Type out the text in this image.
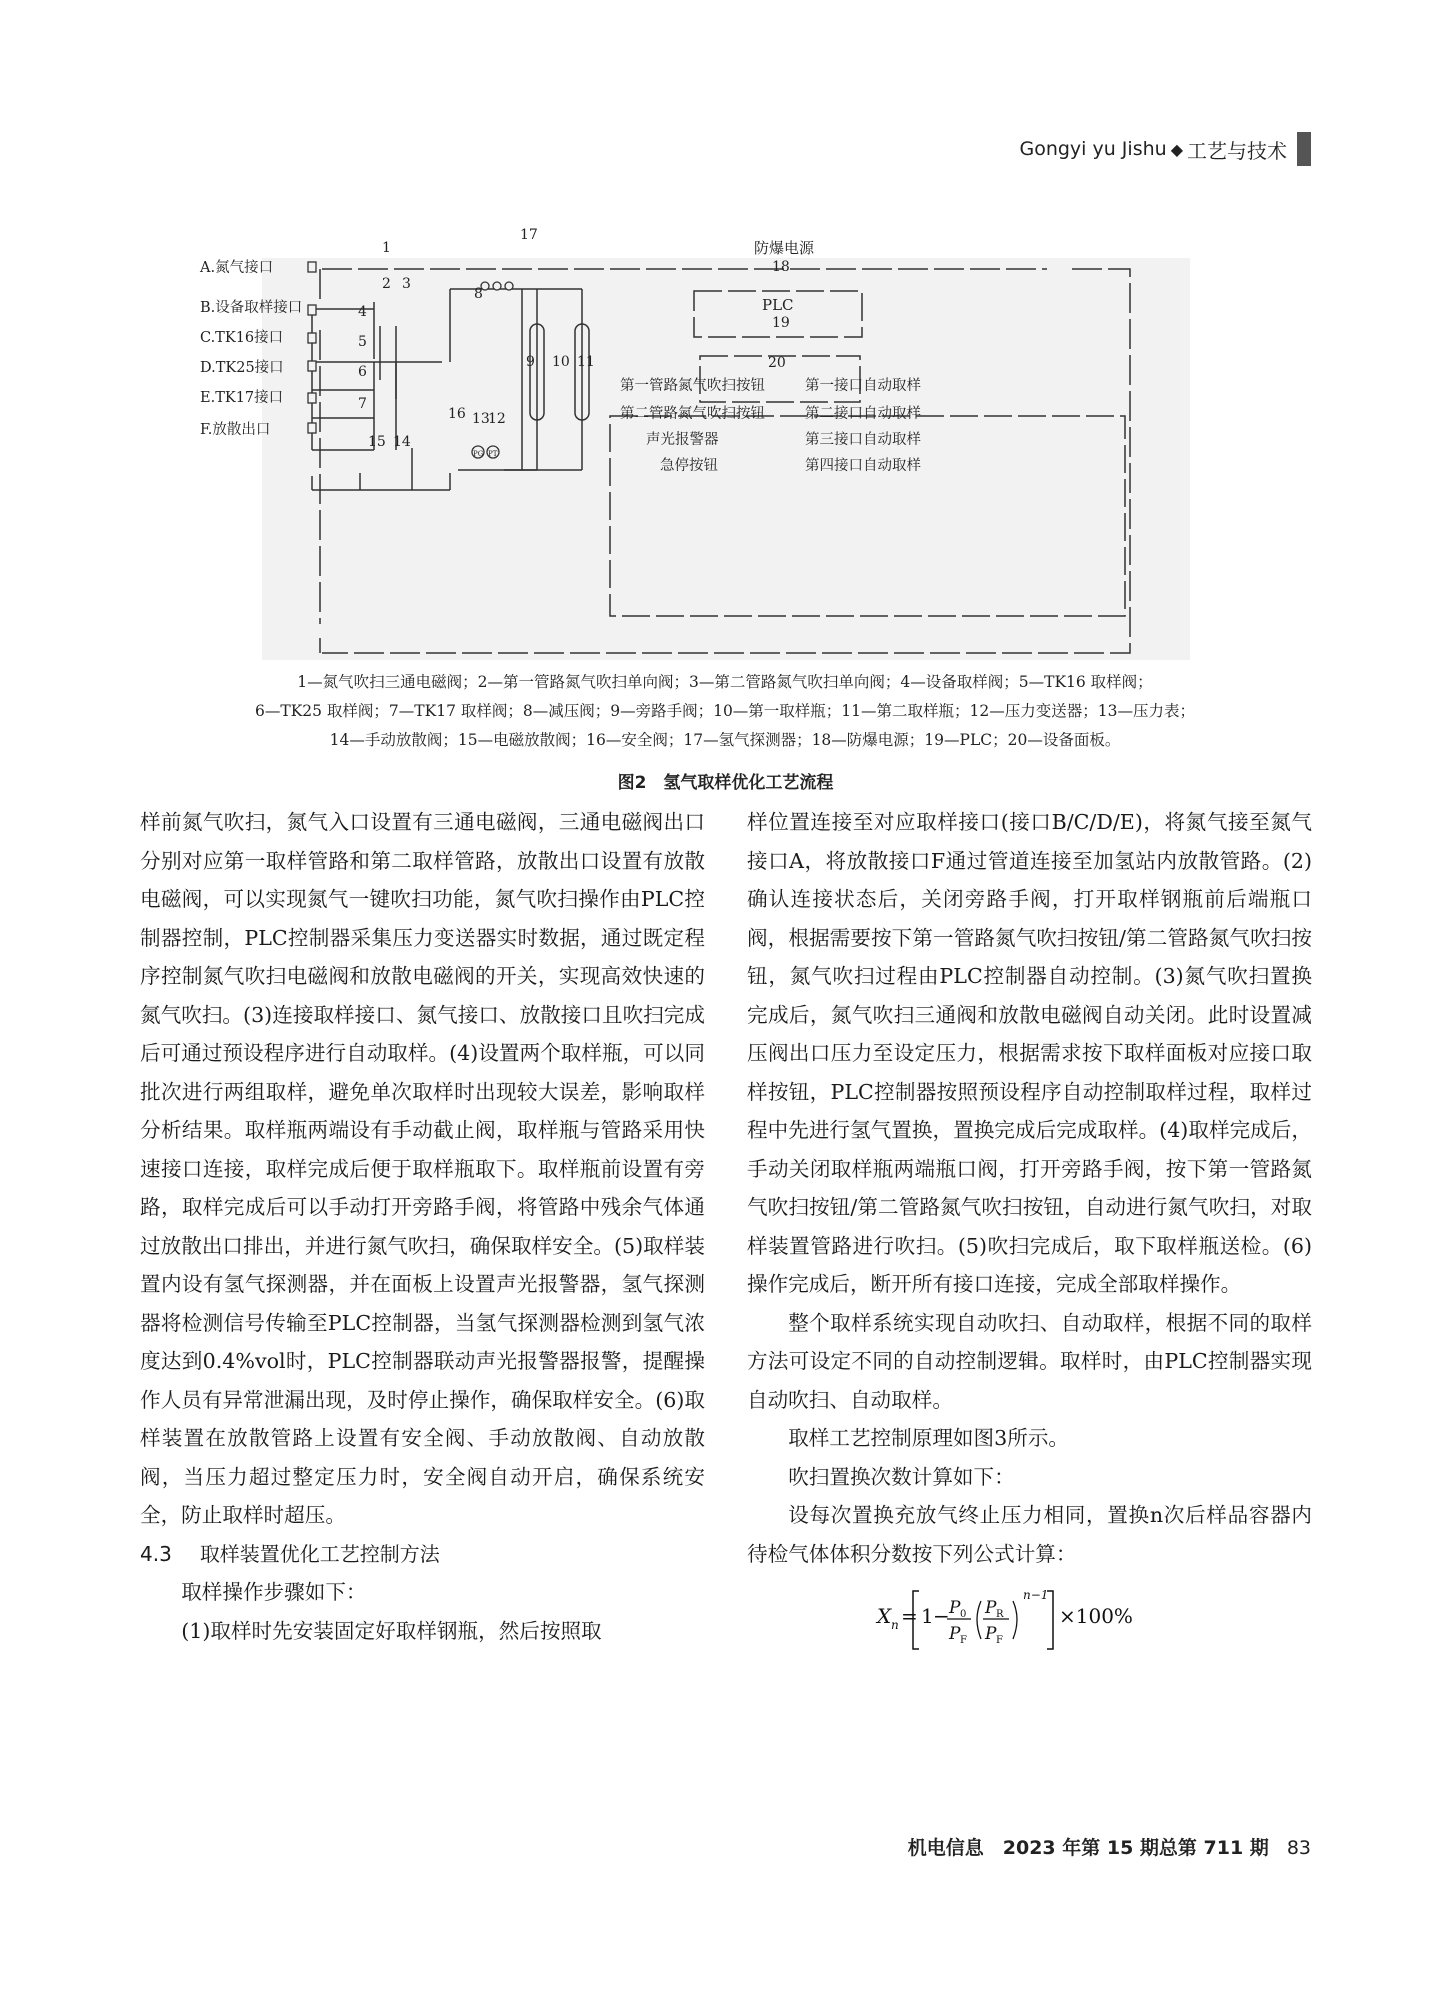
Gongyi yu Jishu ◆ 工艺与技术
A.氮气接口
B.设备取样接口
C.TK16接口
D.TK25接口
E.TK17接口
F.放散出口
1
2 3
4
5
6
7
8
9 10 11
12
13
14
15
16
17
18
19
20
防爆电源
PLC
PG PT
第一管路氮气吹扫按钮
第二管路氮气吹扫按钮
声光报警器
急停按钮
第一接口自动取样
第二接口自动取样
第三接口自动取样
第四接口自动取样
1—氮气吹扫三通电磁阀；2—第一管路氮气吹扫单向阀；3—第二管路氮气吹扫单向阀；4—设备取样阀；5—TK16 取样阀；
6—TK25 取样阀；7—TK17 取样阀；8—减压阀；9—旁路手阀；10—第一取样瓶；11—第二取样瓶；12—压力变送器；13—压力表；
14—手动放散阀；15—电磁放散阀；16—安全阀；17—氢气探测器；18—防爆电源；19—PLC；20—设备面板。
图2　氢气取样优化工艺流程

样前氮气吹扫，氮气入口设置有三通电磁阀，三通电磁阀出口分别对应第一取样管路和第二取样管路，放散出口设置有放散电磁阀，可以实现氮气一键吹扫功能，氮气吹扫操作由PLC控制器控制，PLC控制器采集压力变送器实时数据，通过既定程序控制氮气吹扫电磁阀和放散电磁阀的开关，实现高效快速的氮气吹扫。(3)连接取样接口、氮气接口、放散接口且吹扫完成后可通过预设程序进行自动取样。(4)设置两个取样瓶，可以同批次进行两组取样，避免单次取样时出现较大误差，影响取样分析结果。取样瓶两端设有手动截止阀，取样瓶与管路采用快速接口连接，取样完成后便于取样瓶取下。取样瓶前设置有旁路，取样完成后可以手动打开旁路手阀，将管路中残余气体通过放散出口排出，并进行氮气吹扫，确保取样安全。(5)取样装置内设有氢气探测器，并在面板上设置声光报警器，氢气探测器将检测信号传输至PLC控制器，当氢气探测器检测到氢气浓度达到0.4%vol时，PLC控制器联动声光报警器报警，提醒操作人员有异常泄漏出现，及时停止操作，确保取样安全。(6)取样装置在放散管路上设置有安全阀、手动放散阀、自动放散阀，当压力超过整定压力时，安全阀自动开启，确保系统安全，防止取样时超压。

4.3 取样装置优化工艺控制方法

取样操作步骤如下：

(1)取样时先安装固定好取样钢瓶，然后按照取

样位置连接至对应取样接口(接口B/C/D/E)，将氮气接至氮气接口A，将放散接口F通过管道连接至加氢站内放散管路。(2)确认连接状态后，关闭旁路手阀，打开取样钢瓶前后端瓶口阀，根据需要按下第一管路氮气吹扫按钮/第二管路氮气吹扫按钮，氮气吹扫过程由PLC控制器自动控制。(3)氮气吹扫置换完成后，氮气吹扫三通阀和放散电磁阀自动关闭。此时设置减压阀出口压力至设定压力，根据需求按下取样面板对应接口取样按钮，PLC控制器按照预设程序自动控制取样过程，取样过程中先进行氢气置换，置换完成后完成取样。(4)取样完成后，手动关闭取样瓶两端瓶口阀，打开旁路手阀，按下第一管路氮气吹扫按钮/第二管路氮气吹扫按钮，自动进行氮气吹扫，对取样装置管路进行吹扫。(5)吹扫完成后，取下取样瓶送检。(6)操作完成后，断开所有接口连接，完成全部取样操作。

整个取样系统实现自动吹扫、自动取样，根据不同的取样方法可设定不同的自动控制逻辑。取样时，由PLC控制器实现自动吹扫、自动取样。

取样工艺控制原理如图3所示。

吹扫置换次数计算如下：

设每次置换充放气终止压力相同，置换n次后样品容器内待检气体体积分数按下列公式计算：

X n = 1 − P 0
P F
P R
P F
n−1
×100%
机电信息　2023 年第 15 期总第 711 期 83
